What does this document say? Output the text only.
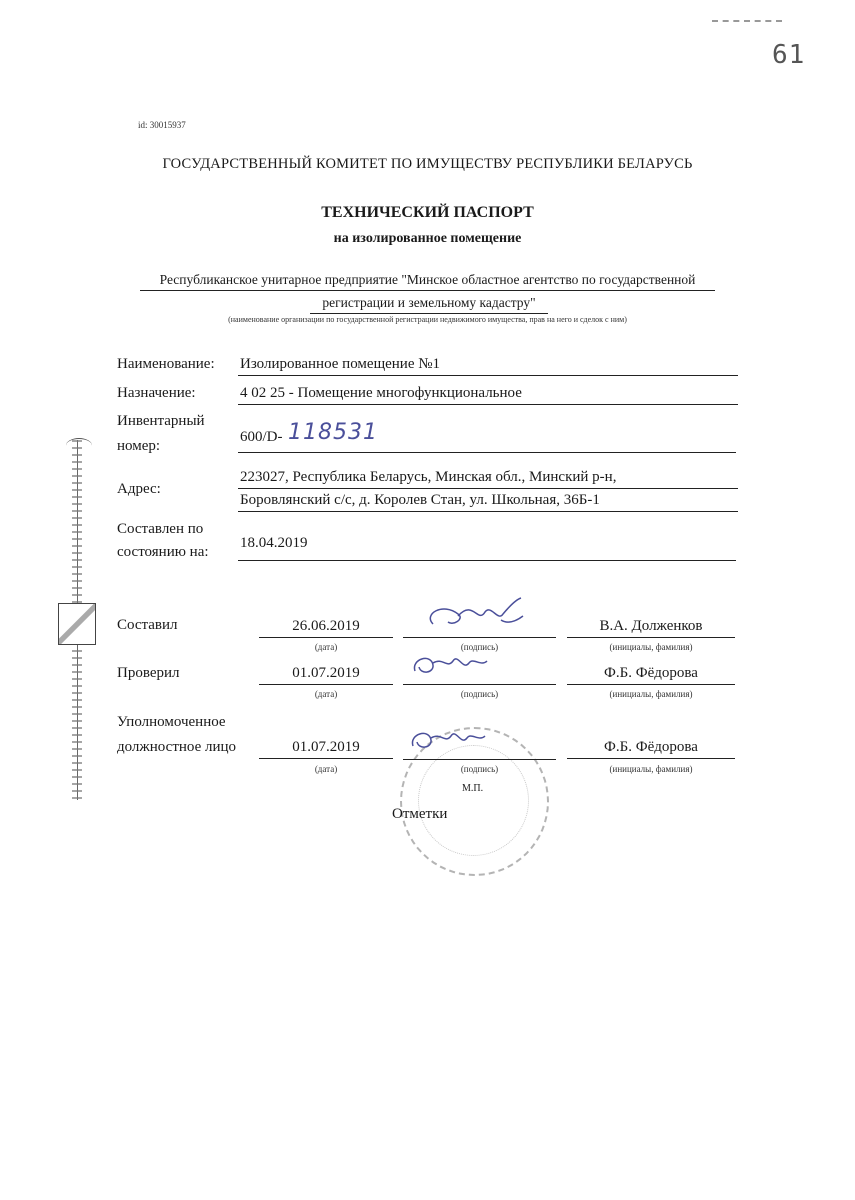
61
id: 30015937
ГОСУДАРСТВЕННЫЙ КОМИТЕТ ПО ИМУЩЕСТВУ РЕСПУБЛИКИ БЕЛАРУСЬ
ТЕХНИЧЕСКИЙ ПАСПОРТ
на изолированное помещение
Республиканское унитарное предприятие "Минское областное агентство по государственной
регистрации и земельному кадастру"
(наименование организации по государственной регистрации недвижимого имущества, прав на него и сделок с ним)
Наименование: Изолированное помещение №1
Назначение:	4 02 25 - Помещение многофункциональное
Инвентарный
номер:
600/D- 118531
Адрес:
223027, Республика Беларусь, Минская обл., Минский р-н,
Боровлянский с/с, д. Королев Стан, ул. Школьная, 36Б-1
Составлен по
состоянию на:
18.04.2019
Составил	26.06.2019	В.А. Долженков
(дата)	(подпись)	(инициалы, фамилия)
Проверил	01.07.2019	Ф.Б. Фёдорова
(дата)	(подпись)	(инициалы, фамилия)
Уполномоченное
должностное лицо	01.07.2019	Ф.Б. Фёдорова
(дата)	(подпись)	(инициалы, фамилия)
М.П.
Отметки
